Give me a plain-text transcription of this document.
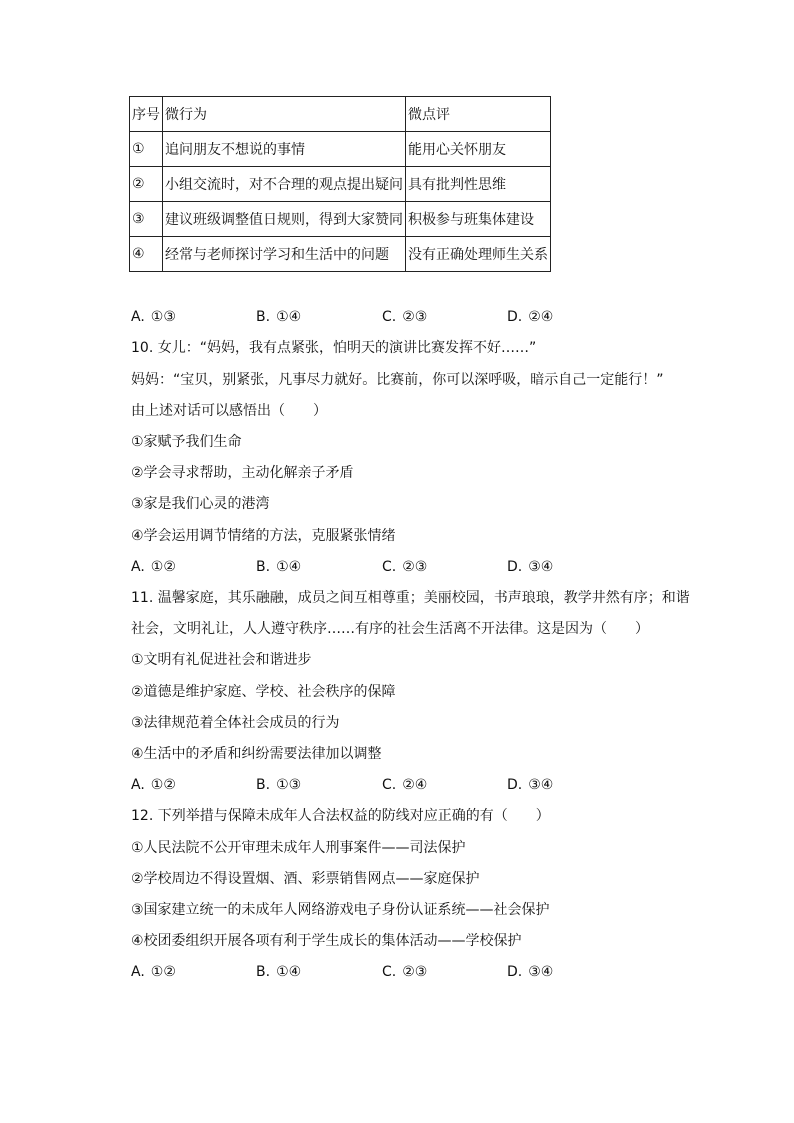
序号	微行为	微点评
①	追问朋友不想说的事情	能用心关怀朋友
②	小组交流时，对不合理的观点提出疑问	具有批判性思维
③	建议班级调整值日规则，得到大家赞同	积极参与班集体建设
④	经常与老师探讨学习和生活中的问题	没有正确处理师生关系
A. ①③	B. ①④	C. ②③	D. ②④
10. 女儿：“妈妈，我有点紧张，怕明天的演讲比赛发挥不好……”
妈妈：“宝贝，别紧张，凡事尽力就好。比赛前，你可以深呼吸，暗示自己一定能行！”
由上述对话可以感悟出（　　）
①家赋予我们生命
②学会寻求帮助，主动化解亲子矛盾
③家是我们心灵的港湾
④学会运用调节情绪的方法，克服紧张情绪
A. ①②	B. ①④	C. ②③	D. ③④
11. 温馨家庭，其乐融融，成员之间互相尊重；美丽校园，书声琅琅，教学井然有序；和谐
社会，文明礼让，人人遵守秩序……有序的社会生活离不开法律。这是因为（　　）
①文明有礼促进社会和谐进步
②道德是维护家庭、学校、社会秩序的保障
③法律规范着全体社会成员的行为
④生活中的矛盾和纠纷需要法律加以调整
A. ①②	B. ①③	C. ②④	D. ③④
12. 下列举措与保障未成年人合法权益的防线对应正确的有（　　）
①人民法院不公开审理未成年人刑事案件——司法保护
②学校周边不得设置烟、酒、彩票销售网点——家庭保护
③国家建立统一的未成年人网络游戏电子身份认证系统——社会保护
④校团委组织开展各项有利于学生成长的集体活动——学校保护
A. ①②	B. ①④	C. ②③	D. ③④
